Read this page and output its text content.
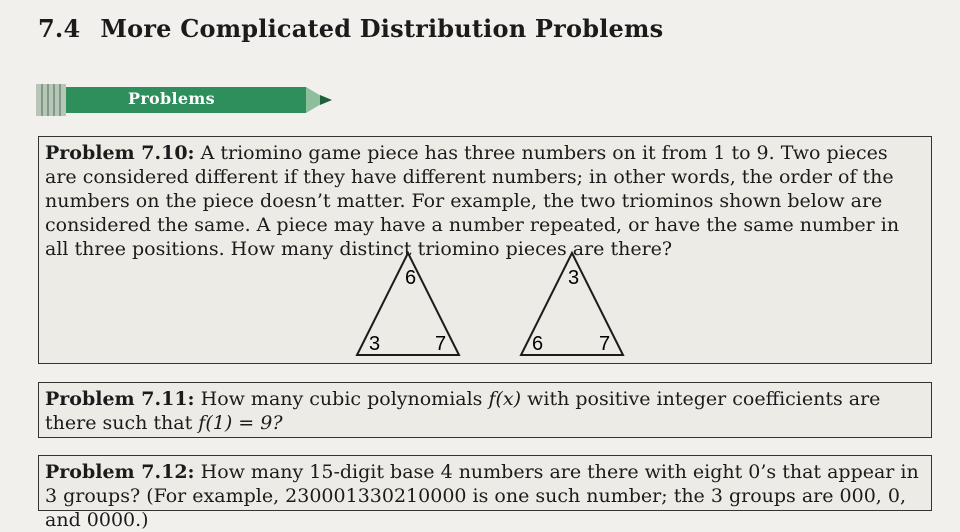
7.4 More Complicated Distribution Problems
Problems
Problem 7.10: A triomino game piece has three numbers on it from 1 to 9. Two pieces are considered different if they have different numbers; in other words, the order of the numbers on the piece doesn’t matter. For example, the two triominos shown below are considered the same. A piece may have a number repeated, or have the same number in all three positions. How many distinct triomino pieces are there?
6
3	7
3
6	7
Problem 7.11: How many cubic polynomials f(x) with positive integer coefficients are there such that f(1) = 9?
Problem 7.12: How many 15-digit base 4 numbers are there with eight 0’s that appear in 3 groups? (For example, 230001330210000 is one such number; the 3 groups are 000, 0, and 0000.)
